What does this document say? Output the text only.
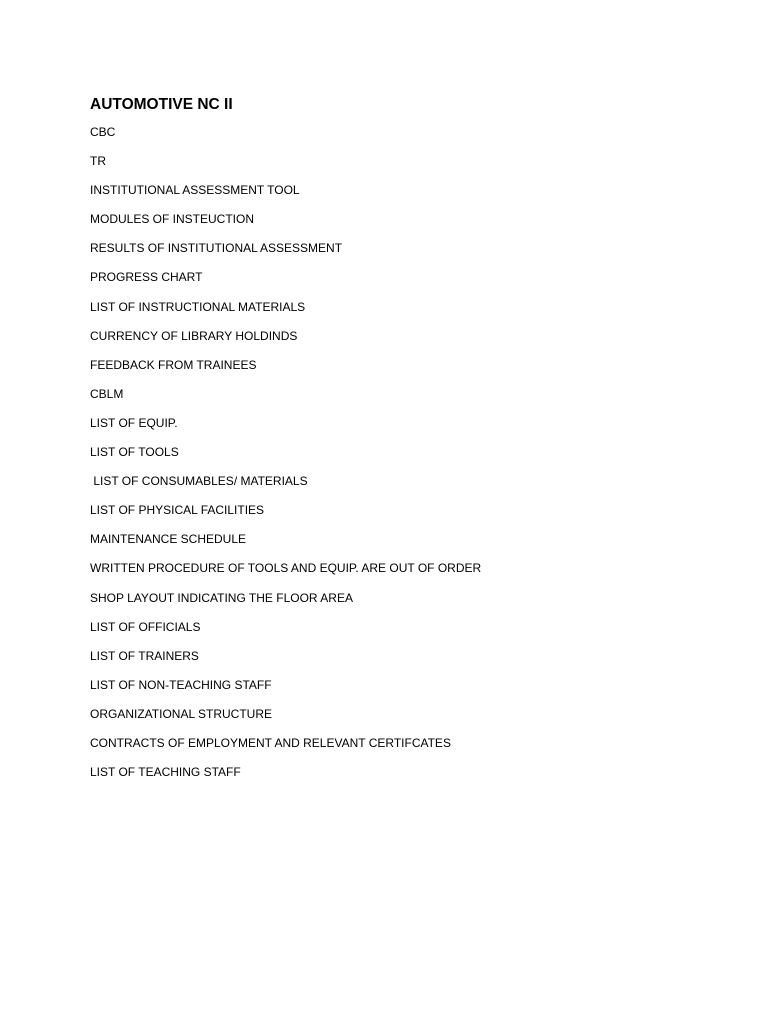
AUTOMOTIVE NC II
CBC
TR
INSTITUTIONAL ASSESSMENT TOOL
MODULES OF INSTEUCTION
RESULTS OF INSTITUTIONAL ASSESSMENT
PROGRESS CHART
LIST OF INSTRUCTIONAL MATERIALS
CURRENCY OF LIBRARY HOLDINDS
FEEDBACK FROM TRAINEES
CBLM
LIST OF EQUIP.
LIST OF TOOLS
LIST OF CONSUMABLES/ MATERIALS
LIST OF PHYSICAL FACILITIES
MAINTENANCE SCHEDULE
WRITTEN PROCEDURE OF TOOLS AND EQUIP. ARE OUT OF ORDER
SHOP LAYOUT INDICATING THE FLOOR AREA
LIST OF OFFICIALS
LIST OF TRAINERS
LIST OF NON-TEACHING STAFF
ORGANIZATIONAL STRUCTURE
CONTRACTS OF EMPLOYMENT AND RELEVANT CERTIFCATES
LIST OF TEACHING STAFF
